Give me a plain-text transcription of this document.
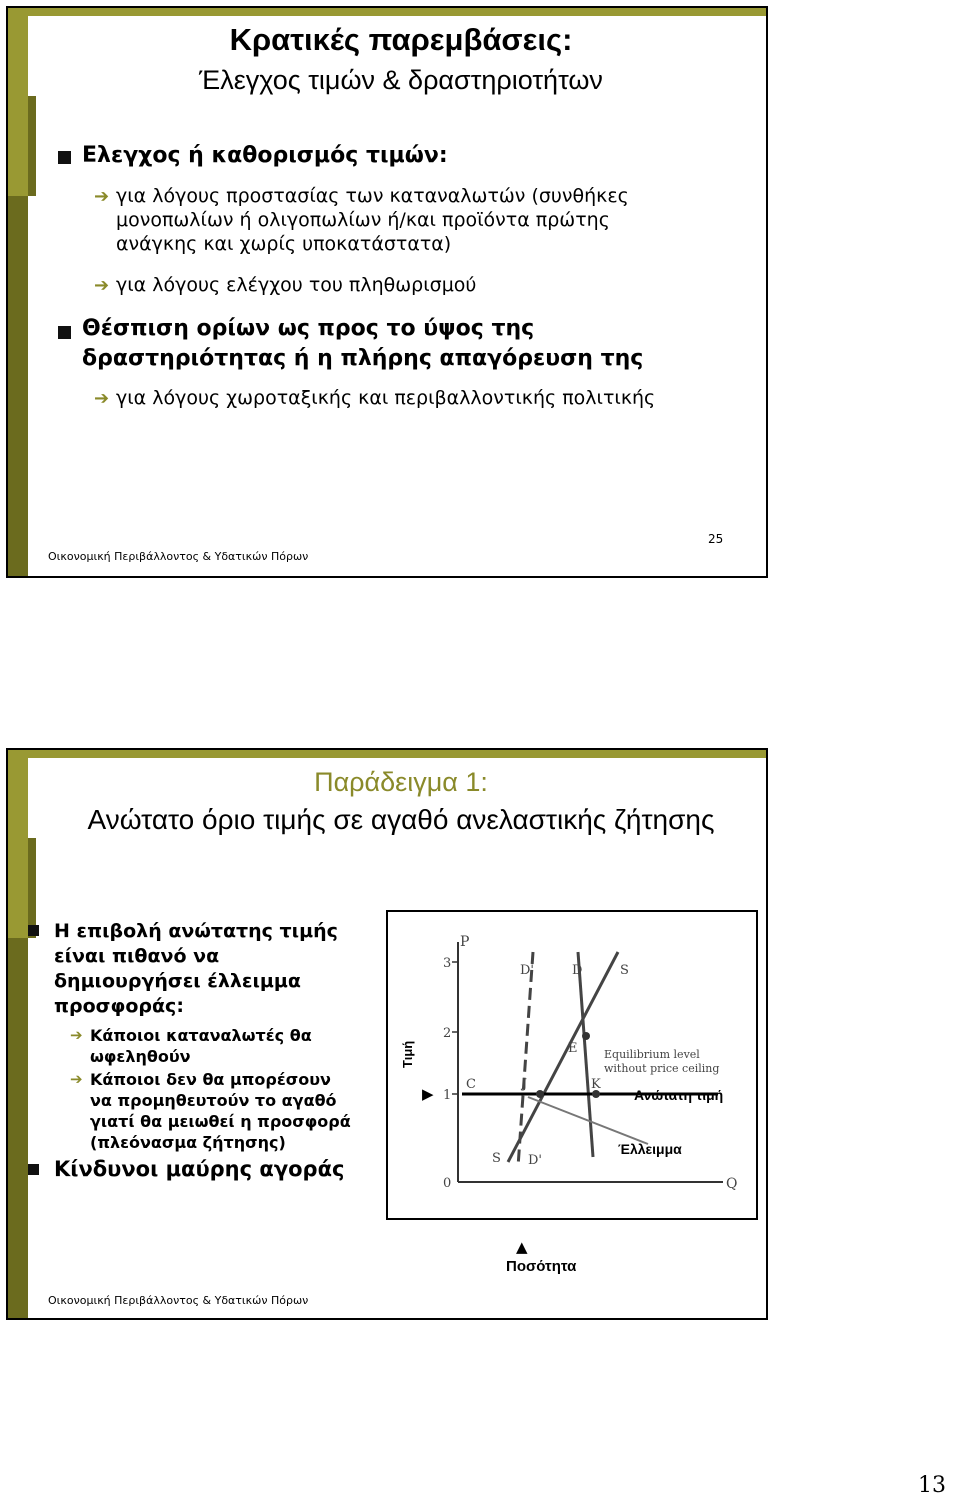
Κρατικές παρεμβάσεις:
Έλεγχος τιμών & δραστηριοτήτων
Ελεγχος ή καθορισμός τιμών:
➔ για λόγους προστασίας των καταναλωτών (συνθήκες
μονοπωλίων ή ολιγοπωλίων ή/και προϊόντα πρώτης
ανάγκης και χωρίς υποκατάστατα)
➔ για λόγους ελέγχου του πληθωρισμού
Θέσπιση ορίων ως προς το ύψος της
δραστηριότητας ή η πλήρης απαγόρευση της
➔ για λόγους χωροταξικής και περιβαλλοντικής πολιτικής
Οικονομική Περιβάλλοντος & Υδατικών Πόρων
25
Παράδειγμα 1:
Ανώτατο όριο τιμής σε αγαθό ανελαστικής ζήτησης
Η επιβολή ανώτατης τιμής
είναι πιθανό να
δημιουργήσει έλλειμμα
προσφοράς:
➔ Κάποιοι καταναλωτές θα
ωφεληθούν
➔ Κάποιοι δεν θα μπορέσουν
να προμηθευτούν το αγαθό
γιατί θα μειωθεί η προσφορά
(πλεόνασμα ζήτησης)
Κίνδυνοι μαύρης αγοράς
P
3
2
1
0	Q
D'	D	S
S D'
E
C	J	K
Equilibrium level
without price ceiling
Τιμή
▶	Ανώτατη τιμή
Έλλειμμα
▲
Ποσότητα
Οικονομική Περιβάλλοντος & Υδατικών Πόρων
13
